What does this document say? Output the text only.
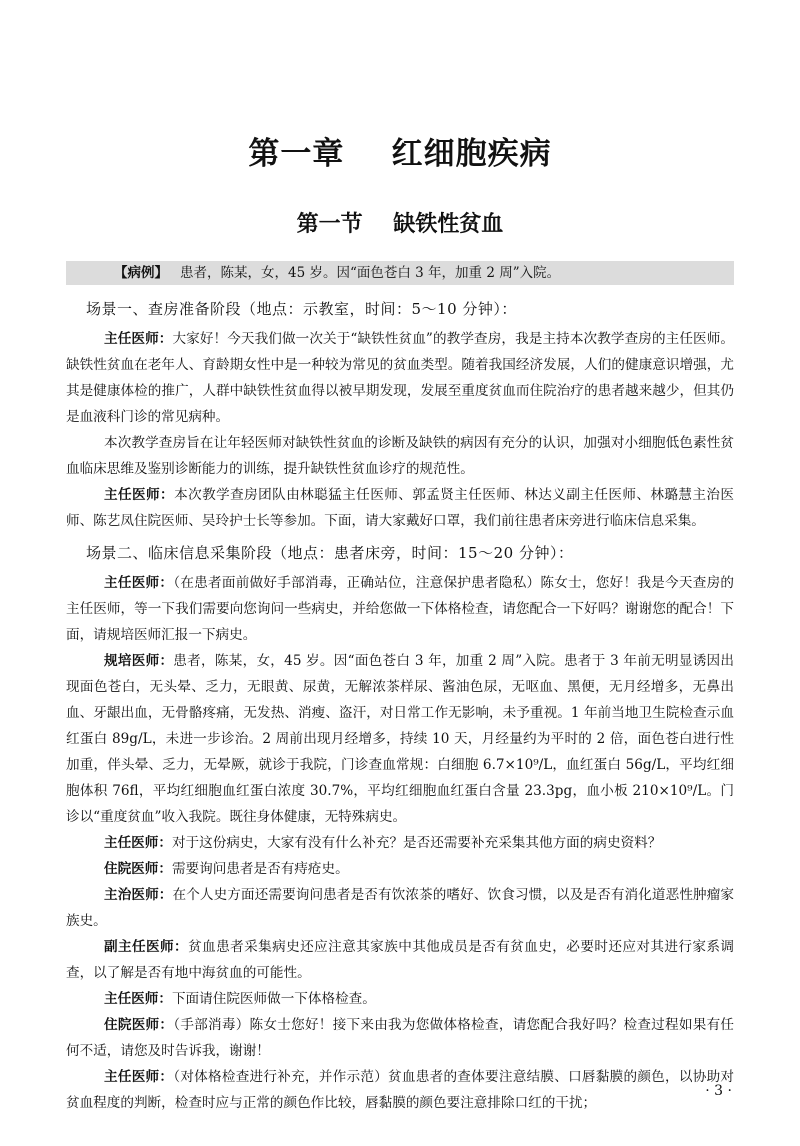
第一章    红细胞疾病
第一节    缺铁性贫血
【病例】 患者，陈某，女，45 岁。因“面色苍白 3 年，加重 2 周”入院。
场景一、查房准备阶段（地点：示教室，时间：5～10 分钟）：

主任医师：大家好！今天我们做一次关于“缺铁性贫血”的教学查房，我是主持本次教学查房的主任医师。缺铁性贫血在老年人、育龄期女性中是一种较为常见的贫血类型。随着我国经济发展，人们的健康意识增强，尤其是健康体检的推广，人群中缺铁性贫血得以被早期发现，发展至重度贫血而住院治疗的患者越来越少，但其仍是血液科门诊的常见病种。

本次教学查房旨在让年轻医师对缺铁性贫血的诊断及缺铁的病因有充分的认识，加强对小细胞低色素性贫血临床思维及鉴别诊断能力的训练，提升缺铁性贫血诊疗的规范性。

主任医师：本次教学查房团队由林聪猛主任医师、郭孟贤主任医师、林达义副主任医师、林璐慧主治医师、陈艺凤住院医师、吴玲护士长等参加。下面，请大家戴好口罩，我们前往患者床旁进行临床信息采集。

场景二、临床信息采集阶段（地点：患者床旁，时间：15～20 分钟）：

主任医师：（在患者面前做好手部消毒，正确站位，注意保护患者隐私）陈女士，您好！我是今天查房的主任医师，等一下我们需要向您询问一些病史，并给您做一下体格检查，请您配合一下好吗？谢谢您的配合！下面，请规培医师汇报一下病史。

规培医师：患者，陈某，女，45 岁。因“面色苍白 3 年，加重 2 周”入院。患者于 3 年前无明显诱因出现面色苍白，无头晕、乏力，无眼黄、尿黄，无解浓茶样尿、酱油色尿，无呕血、黑便，无月经增多，无鼻出血、牙龈出血，无骨骼疼痛，无发热、消瘦、盗汗，对日常工作无影响，未予重视。1 年前当地卫生院检查示血红蛋白 89g/L，未进一步诊治。2 周前出现月经增多，持续 10 天，月经量约为平时的 2 倍，面色苍白进行性加重，伴头晕、乏力，无晕厥，就诊于我院，门诊查血常规：白细胞 6.7×10⁹/L，血红蛋白 56g/L，平均红细胞体积 76fl，平均红细胞血红蛋白浓度 30.7%，平均红细胞血红蛋白含量 23.3pg，血小板 210×10⁹/L。门诊以“重度贫血”收入我院。既往身体健康，无特殊病史。

主任医师：对于这份病史，大家有没有什么补充？是否还需要补充采集其他方面的病史资料？

住院医师：需要询问患者是否有痔疮史。

主治医师：在个人史方面还需要询问患者是否有饮浓茶的嗜好、饮食习惯，以及是否有消化道恶性肿瘤家族史。

副主任医师：贫血患者采集病史还应注意其家族中其他成员是否有贫血史，必要时还应对其进行家系调查，以了解是否有地中海贫血的可能性。

主任医师：下面请住院医师做一下体格检查。

住院医师：（手部消毒）陈女士您好！接下来由我为您做体格检查，请您配合我好吗？检查过程如果有任何不适，请您及时告诉我，谢谢！

主任医师：（对体格检查进行补充，并作示范）贫血患者的查体要注意结膜、口唇黏膜的颜色，以协助对贫血程度的判断，检查时应与正常的颜色作比较，唇黏膜的颜色要注意排除口红的干扰；

· 3 ·
